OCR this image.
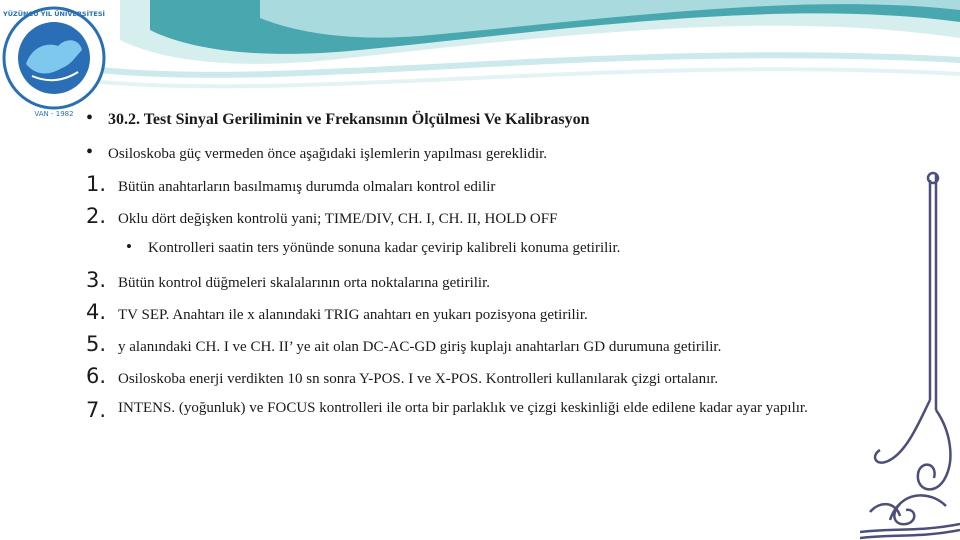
VAN - 1982
YÜZÜNCÜ YIL ÜNİVERSİTESİ
• 30.2. Test Sinyal Geriliminin ve Frekansının Ölçülmesi Ve Kalibrasyon
• Osiloskoba güç vermeden önce aşağıdaki işlemlerin yapılması gereklidir.
1. Bütün anahtarların basılmamış durumda olmaları kontrol edilir
2. Oklu dört değişken kontrolü yani; TIME/DIV, CH. I, CH. II, HOLD OFF
•	Kontrolleri saatin ters yönünde sonuna kadar çevirip kalibreli konuma getirilir.
3. Bütün kontrol düğmeleri skalalarının orta noktalarına getirilir.
4. TV SEP. Anahtarı ile x alanındaki TRIG anahtarı en yukarı pozisyona getirilir.
5. y alanındaki CH. I ve CH. II’ ye ait olan DC-AC-GD giriş kuplajı anahtarları GD durumuna getirilir.
6. Osiloskoba enerji verdikten 10 sn sonra Y-POS. I ve X-POS. Kontrolleri kullanılarak çizgi ortalanır.
7. INTENS. (yoğunluk) ve FOCUS kontrolleri ile orta bir parlaklık ve çizgi keskinliği elde edilene kadar ayar yapılır.
